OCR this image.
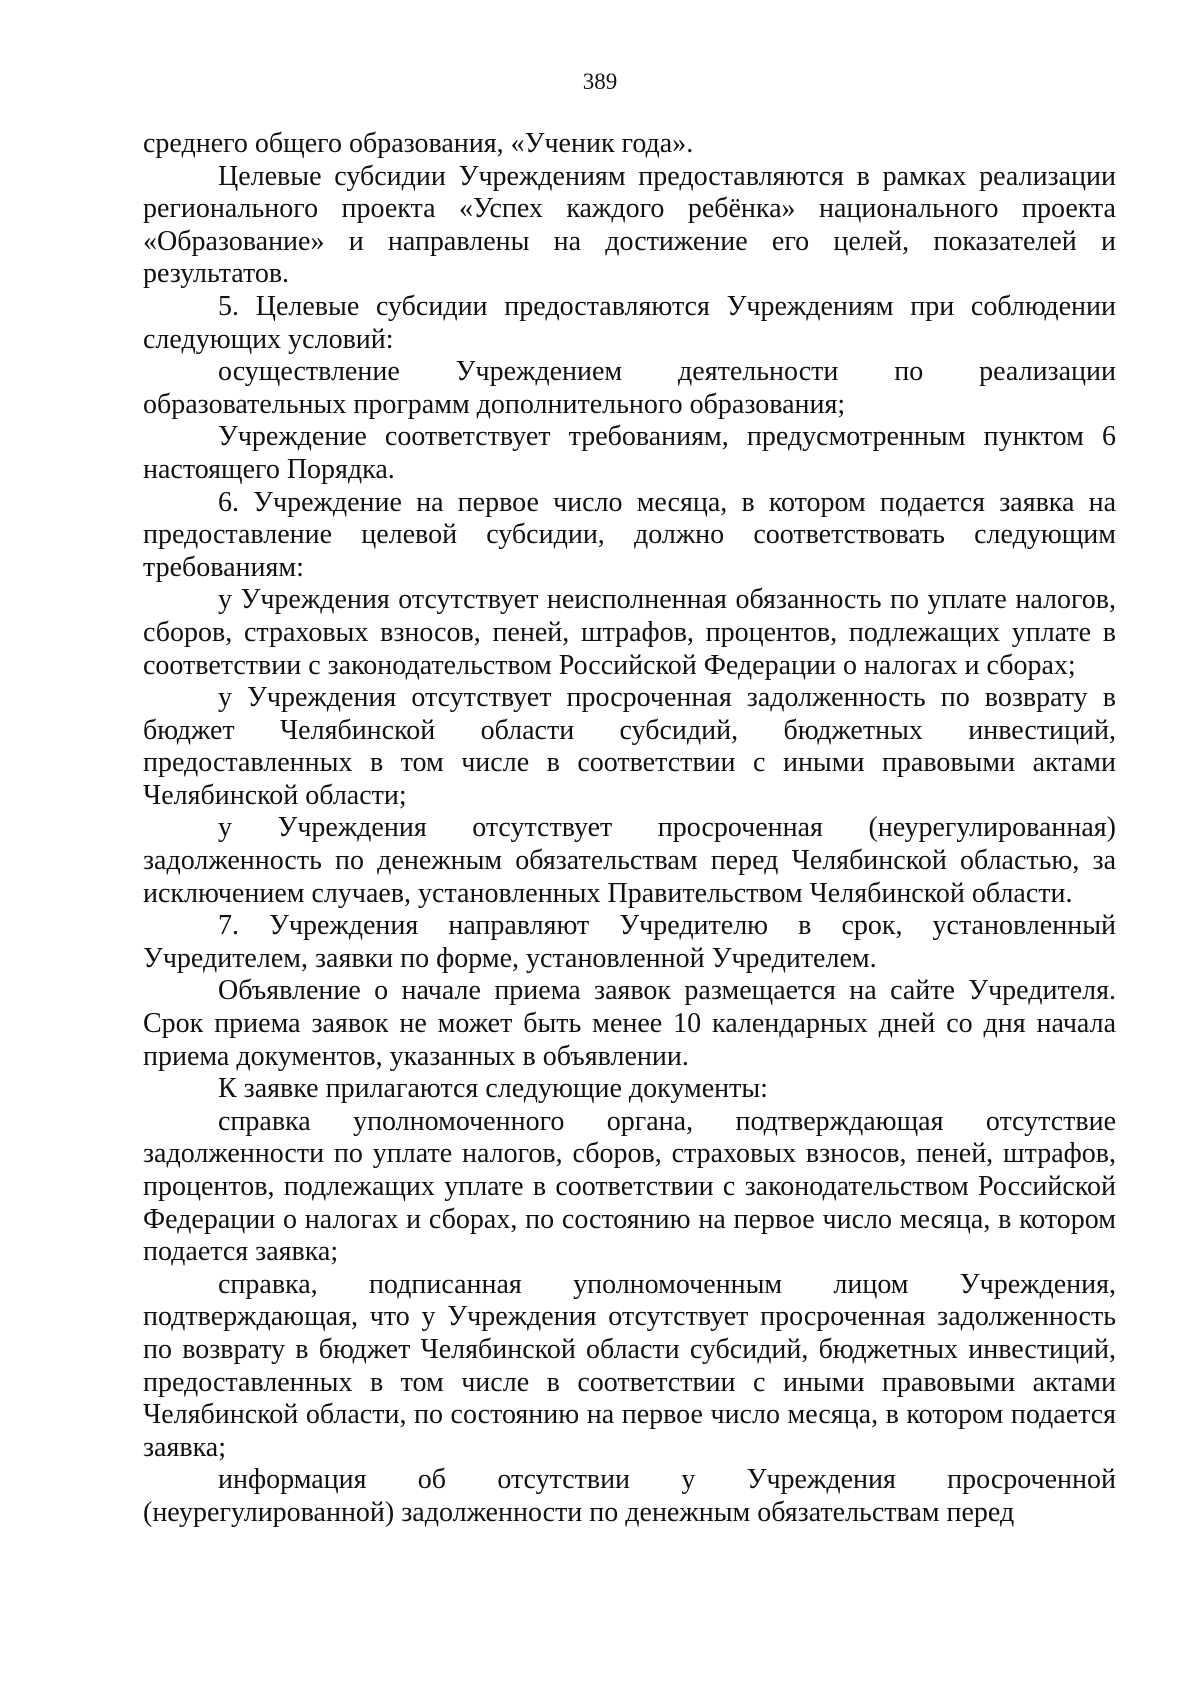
389

среднего общего образования, «Ученик года».

Целевые субсидии Учреждениям предоставляются в рамках реализации регионального проекта «Успех каждого ребёнка» национального проекта «Образование» и направлены на достижение его целей, показателей и результатов.

5. Целевые субсидии предоставляются Учреждениям при соблюдении следующих условий:

осуществление Учреждением деятельности по реализации образовательных программ дополнительного образования;

Учреждение соответствует требованиям, предусмотренным пунктом 6 настоящего Порядка.

6. Учреждение на первое число месяца, в котором подается заявка на предоставление целевой субсидии, должно соответствовать следующим требованиям:

у Учреждения отсутствует неисполненная обязанность по уплате налогов, сборов, страховых взносов, пеней, штрафов, процентов, подлежащих уплате в соответствии с законодательством Российской Федерации о налогах и сборах;

у Учреждения отсутствует просроченная задолженность по возврату в бюджет Челябинской области субсидий, бюджетных инвестиций, предоставленных в том числе в соответствии с иными правовыми актами Челябинской области;

у Учреждения отсутствует просроченная (неурегулированная) задолженность по денежным обязательствам перед Челябинской областью, за исключением случаев, установленных Правительством Челябинской области.

7. Учреждения направляют Учредителю в срок, установленный Учредителем, заявки по форме, установленной Учредителем.

Объявление о начале приема заявок размещается на сайте Учредителя. Срок приема заявок не может быть менее 10 календарных дней со дня начала приема документов, указанных в объявлении.

К заявке прилагаются следующие документы:

справка уполномоченного органа, подтверждающая отсутствие задолженности по уплате налогов, сборов, страховых взносов, пеней, штрафов, процентов, подлежащих уплате в соответствии с законодательством Российской Федерации о налогах и сборах, по состоянию на первое число месяца, в котором подается заявка;

справка, подписанная уполномоченным лицом Учреждения, подтверждающая, что у Учреждения отсутствует просроченная задолженность по возврату в бюджет Челябинской области субсидий, бюджетных инвестиций, предоставленных в том числе в соответствии с иными правовыми актами Челябинской области, по состоянию на первое число месяца, в котором подается заявка;

информация об отсутствии у Учреждения просроченной (неурегулированной) задолженности по денежным обязательствам перед
